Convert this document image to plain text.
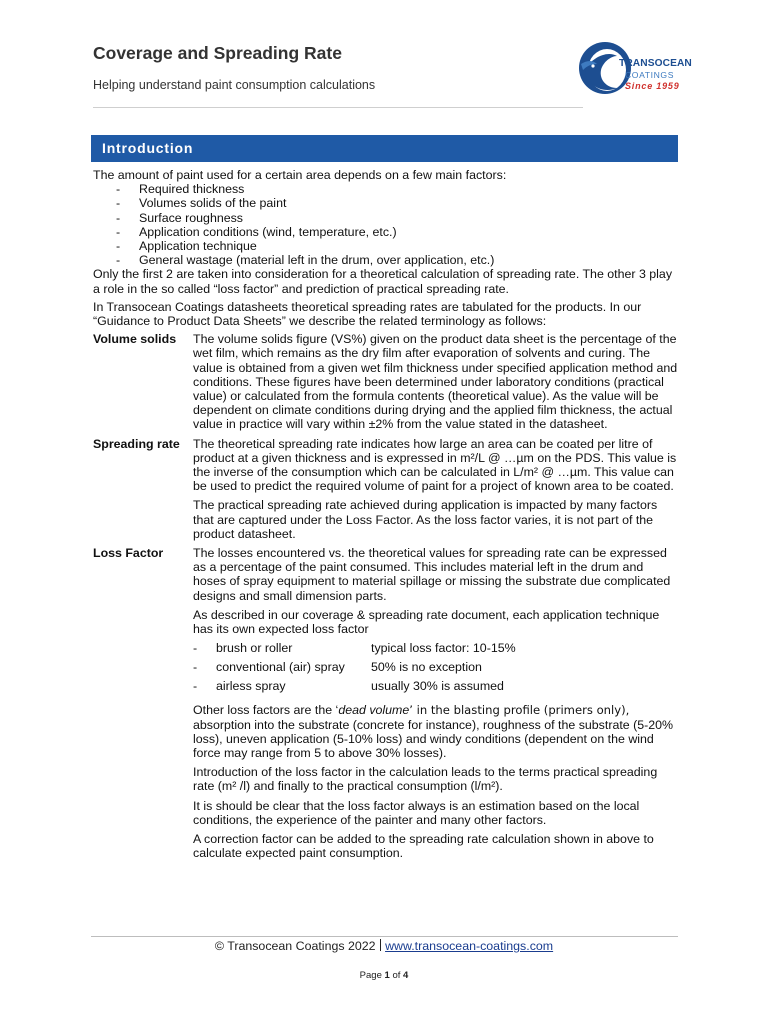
Coverage and Spreading Rate
Helping understand paint consumption calculations
TRANSOCEAN
COATINGS
Since 1959
Introduction

The amount of paint used for a certain area depends on a few main factors:

- Required thickness
- Volumes solids of the paint
- Surface roughness
- Application conditions (wind, temperature, etc.)
- Application technique
- General wastage (material left in the drum, over application, etc.)

Only the first 2 are taken into consideration for a theoretical calculation of spreading rate. The other 3 play a role in the so called “loss factor” and prediction of practical spreading rate.

In Transocean Coatings datasheets theoretical spreading rates are tabulated for the products. In our “Guidance to Product Data Sheets” we describe the related terminology as follows:

Volume solids	The volume solids figure (VS%) given on the product data sheet is the percentage of the wet film, which remains as the dry film after evaporation of solvents and curing. The value is obtained from a given wet film thickness under specified application method and conditions. These figures have been determined under laboratory conditions (practical value) or calculated from the formula contents (theoretical value). As the value will be dependent on climate conditions during drying and the applied film thickness, the actual value in practice will vary within ±2% from the value stated in the datasheet.

Spreading rate	The theoretical spreading rate indicates how large an area can be coated per litre of product at a given thickness and is expressed in m²/L @ …µm on the PDS. This value is the inverse of the consumption which can be calculated in L/m² @ …µm. This value can be used to predict the required volume of paint for a project of known area to be coated.

The practical spreading rate achieved during application is impacted by many factors that are captured under the Loss Factor. As the loss factor varies, it is not part of the product datasheet.

Loss Factor	The losses encountered vs. the theoretical values for spreading rate can be expressed as a percentage of the paint consumed. This includes material left in the drum and hoses of spray equipment to material spillage or missing the substrate due complicated designs and small dimension parts.

As described in our coverage & spreading rate document, each application technique has its own expected loss factor

-	brush or roller	typical loss factor: 10-15%
-	conventional (air) spray	50% is no exception
-	airless spray	usually 30% is assumed

Other loss factors are the ‘dead volume’ in the blasting profile (primers only), absorption into the substrate (concrete for instance), roughness of the substrate (5-20% loss), uneven application (5-10% loss) and windy conditions (dependent on the wind force may range from 5 to above 30% losses).

Introduction of the loss factor in the calculation leads to the terms practical spreading rate (m² /l) and finally to the practical consumption (l/m²).

It is should be clear that the loss factor always is an estimation based on the local conditions, the experience of the painter and many other factors.

A correction factor can be added to the spreading rate calculation shown in above to calculate expected paint consumption.

© Transocean Coatings 2022 www.transocean-coatings.com
Page 1 of 4
